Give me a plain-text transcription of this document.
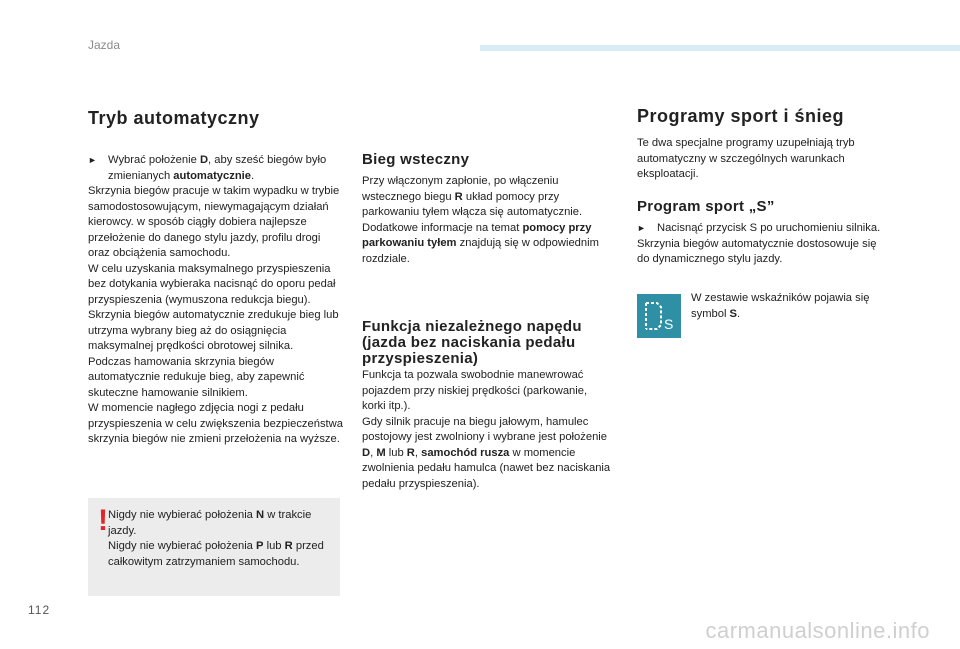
Jazda
Tryb automatyczny
► Wybrać położenie D, aby sześć biegów było zmienianych automatycznie.

Skrzynia biegów pracuje w takim wypadku w trybie samodostosowującym, niewymagającym działań kierowcy. w sposób ciągły dobiera najlepsze przełożenie do danego stylu jazdy, profilu drogi oraz obciążenia samochodu.

W celu uzyskania maksymalnego przyspieszenia bez dotykania wybieraka nacisnąć do oporu pedał przyspieszenia (wymuszona redukcja biegu). Skrzynia biegów automatycznie zredukuje bieg lub utrzyma wybrany bieg aż do osiągnięcia maksymalnej prędkości obrotowej silnika.

Podczas hamowania skrzynia biegów automatycznie redukuje bieg, aby zapewnić skuteczne hamowanie silnikiem.

W momencie nagłego zdjęcia nogi z pedału przyspieszenia w celu zwiększenia bezpieczeństwa skrzynia biegów nie zmieni przełożenia na wyższe.

! Nigdy nie wybierać położenia N w trakcie jazdy.

Nigdy nie wybierać położenia P lub R przed całkowitym zatrzymaniem samochodu.

Bieg wsteczny

Przy włączonym zapłonie, po włączeniu wstecznego biegu R układ pomocy przy parkowaniu tyłem włącza się automatycznie.

Dodatkowe informacje na temat pomocy przy parkowaniu tyłem znajdują się w odpowiednim rozdziale.

Funkcja niezależnego napędu (jazda bez naciskania pedału przyspieszenia)

Funkcja ta pozwala swobodnie manewrować pojazdem przy niskiej prędkości (parkowanie, korki itp.).

Gdy silnik pracuje na biegu jałowym, hamulec postojowy jest zwolniony i wybrane jest położenie D, M lub R, samochód rusza w momencie zwolnienia pedału hamulca (nawet bez naciskania pedału przyspieszenia).

Programy sport i śnieg
Te dwa specjalne programy uzupełniają tryb automatyczny w szczególnych warunkach eksploatacji.
Program sport „S”
► Nacisnąć przycisk S po uruchomieniu silnika.

Skrzynia biegów automatycznie dostosowuje się do dynamicznego stylu jazdy.

S
W zestawie wskaźników pojawia się symbol S.
112
carmanualsonline.info
